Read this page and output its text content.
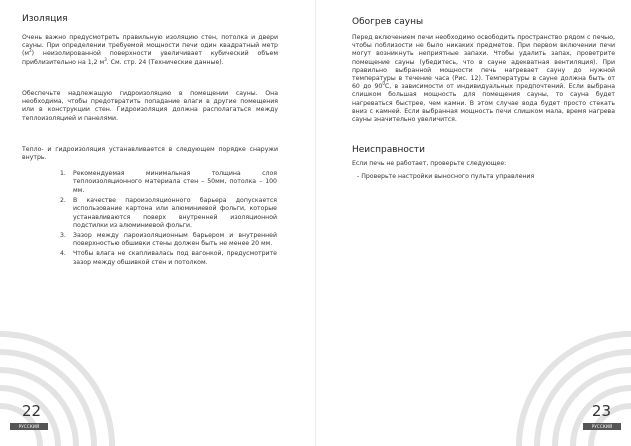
Изоляция

Очень важно предусмотреть правильную изоляцию стен, потолка и двери сауны. При определении требуемой мощности печи один квадратный метр $(м^2)$ неизолированной поверхности увеличивает кубический объем приблизительно на 1,2 $м^3$. См. стр. 24 (Технические данные).

Обеспечьте надлежащую гидроизоляцию в помещении сауны. Она необходима, чтобы предотвратить попадание влаги в другие помещения или в конструкции стен. Гидроизоляция должна располагаться между теплоизоляцией и панелями.

Тепло- и гидроизоляция устанавливается в следующем порядке снаружи внутрь.

1. Рекомендуемая минимальная толщина слоя теплоизоляционного материала стен – 50мм, потолка – 100 мм.
2. В качестве пароизоляционного барьера допускается использование картона или алюминиевой фольги, которые устанавливаются поверх внутренней изоляционной подстилки из алюминиевой фольги.
3. Зазор между пароизоляционным барьером и внутренней поверхностью обшивки стены должен быть не менее 20 мм.
4. Чтобы влага не скапливалась под вагонкой, предусмотрите зазор между обшивкой стен и потолком.
22
РУССКИЙ
Обогрев сауны

Перед включением печи необходимо освободить пространство рядом с печью, чтобы поблизости не было никаких предметов. При первом включении печи могут возникнуть неприятные запахи. Чтобы удалить запах, проветрите помещение сауны (убедитесь, что в сауне адекватная вентиляция). При правильно выбранной мощности печь нагревает сауну до нужной температуры в течение часа (Рис. 12). Температуры в сауне должна быть от 60 до $90^0С$, в зависимости от индивидуальных предпочтений. Если выбрана слишком большая мощность для помещения сауны, то сауна будет нагреваться быстрее, чем камни. В этом случае вода будет просто стекать вниз с камней. Если выбранная мощность печи слишком мала, время нагрева сауны значительно увеличится.

Неисправности

Если печь не работает, проверьте следующее:

- Проверьте настройки выносного пульта управления

23
РУССКИЙ
